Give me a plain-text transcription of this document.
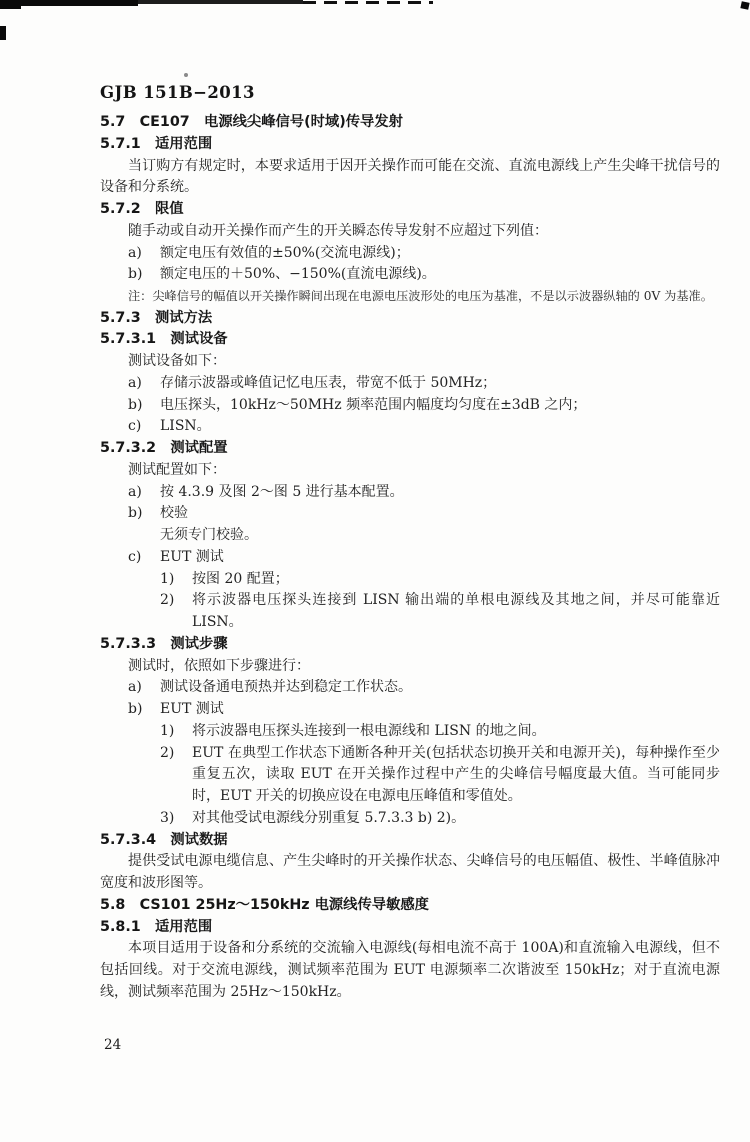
GJB 151B−2013
5.7　CE107　电源线尖峰信号(时域)传导发射
5.7.1　适用范围
当订购方有规定时，本要求适用于因开关操作而可能在交流、直流电源线上产生尖峰干扰信号的设备和分系统。
5.7.2　限值
随手动或自动开关操作而产生的开关瞬态传导发射不应超过下列值：
a) 额定电压有效值的±50%(交流电源线)；
b) 额定电压的＋50%、−150%(直流电源线)。
注：尖峰信号的幅值以开关操作瞬间出现在电源电压波形处的电压为基准，不是以示波器纵轴的 0V 为基准。
5.7.3　测试方法
5.7.3.1　测试设备
测试设备如下：
a) 存储示波器或峰值记忆电压表，带宽不低于 50MHz；
b) 电压探头，10kHz～50MHz 频率范围内幅度均匀度在±3dB 之内；
c) LISN。
5.7.3.2　测试配置
测试配置如下：
a) 按 4.3.9 及图 2～图 5 进行基本配置。
b) 校验
无须专门校验。
c) EUT 测试
1) 按图 20 配置；
2) 将示波器电压探头连接到 LISN 输出端的单根电源线及其地之间，并尽可能靠近 LISN。
5.7.3.3　测试步骤
测试时，依照如下步骤进行：
a) 测试设备通电预热并达到稳定工作状态。
b) EUT 测试
1) 将示波器电压探头连接到一根电源线和 LISN 的地之间。
2) EUT 在典型工作状态下通断各种开关(包括状态切换开关和电源开关)，每种操作至少重复五次，读取 EUT 在开关操作过程中产生的尖峰信号幅度最大值。当可能同步时，EUT 开关的切换应设在电源电压峰值和零值处。
3) 对其他受试电源线分别重复 5.7.3.3 b) 2)。
5.7.3.4　测试数据
提供受试电源电缆信息、产生尖峰时的开关操作状态、尖峰信号的电压幅值、极性、半峰值脉冲宽度和波形图等。
5.8　CS101 25Hz～150kHz 电源线传导敏感度
5.8.1　适用范围
本项目适用于设备和分系统的交流输入电源线(每相电流不高于 100A)和直流输入电源线，但不包括回线。对于交流电源线，测试频率范围为 EUT 电源频率二次谐波至 150kHz；对于直流电源线，测试频率范围为 25Hz～150kHz。
24
